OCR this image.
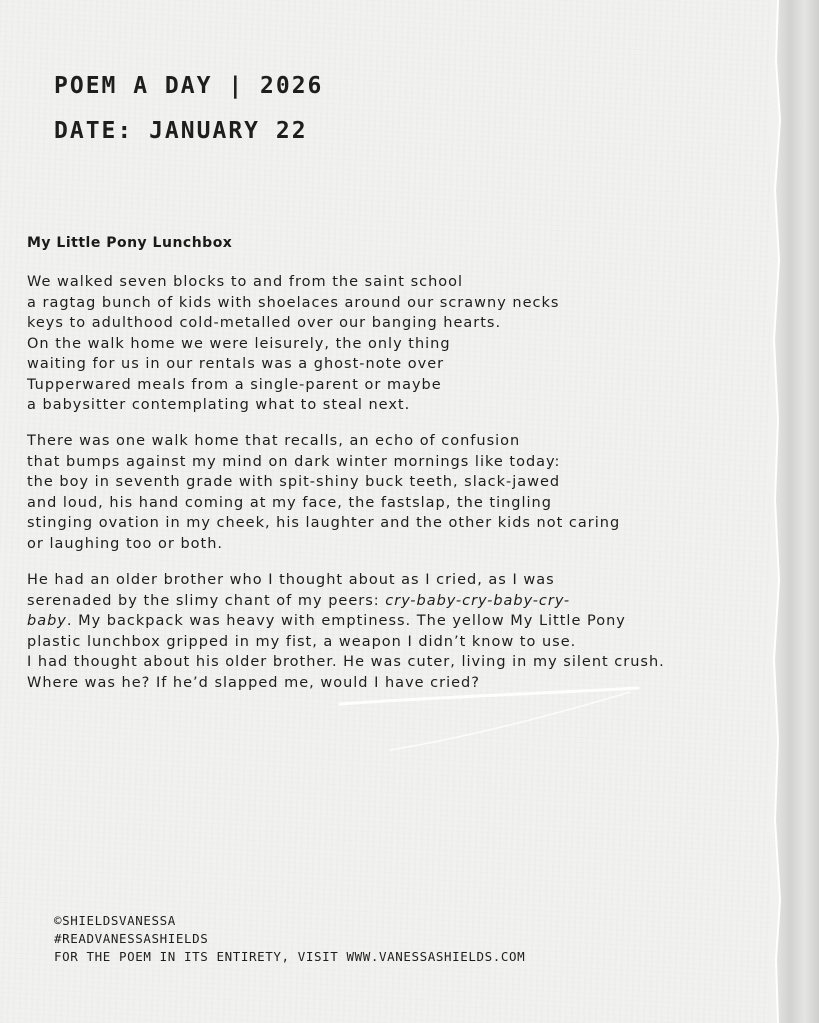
POEM A DAY | 2026
DATE: JANUARY 22
My Little Pony Lunchbox
We walked seven blocks to and from the saint school
a ragtag bunch of kids with shoelaces around our scrawny necks
keys to adulthood cold-metalled over our banging hearts.
On the walk home we were leisurely, the only thing
waiting for us in our rentals was a ghost-note over
Tupperwared meals from a single-parent or maybe
a babysitter contemplating what to steal next.
There was one walk home that recalls, an echo of confusion
that bumps against my mind on dark winter mornings like today:
the boy in seventh grade with spit-shiny buck teeth, slack-jawed
and loud, his hand coming at my face, the fastslap, the tingling
stinging ovation in my cheek, his laughter and the other kids not caring
or laughing too or both.
He had an older brother who I thought about as I cried, as I was
serenaded by the slimy chant of my peers: cry-baby-cry-baby-cry-
baby. My backpack was heavy with emptiness. The yellow My Little Pony
plastic lunchbox gripped in my fist, a weapon I didn’t know to use.
I had thought about his older brother. He was cuter, living in my silent crush.
Where was he? If he’d slapped me, would I have cried?
©SHIELDSVANESSA
#READVANESSASHIELDS
FOR THE POEM IN ITS ENTIRETY, VISIT WWW.VANESSASHIELDS.COM
